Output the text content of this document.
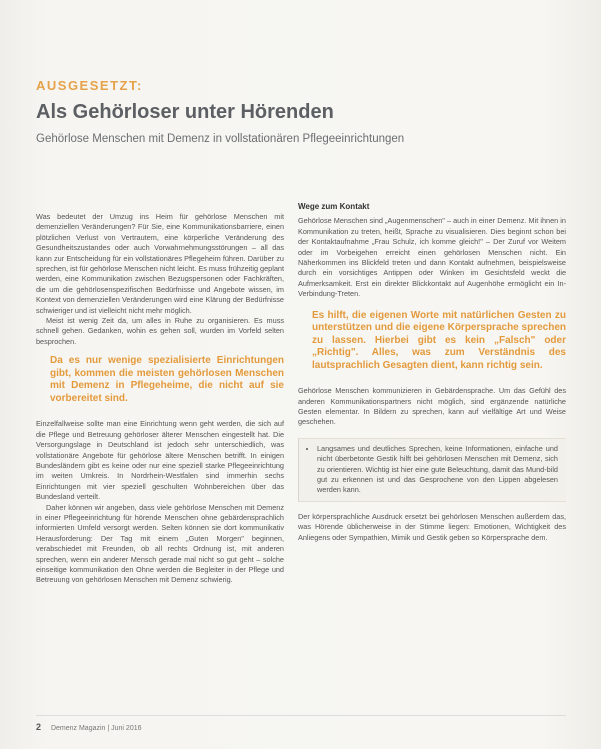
AUSGESETZT:
Als Gehörloser unter Hörenden
Gehörlose Menschen mit Demenz in vollstationären Pflegeeinrichtungen

Was bedeutet der Umzug ins Heim für gehörlose Menschen mit demenziellen Veränderungen? Für Sie, eine Kommunikationsbarriere, einen plötzlichen Verlust von Vertrautem, eine körperliche Veränderung des Gesundheitszustandes oder auch Vorwahrnehmungsstörungen – all das kann zur Entscheidung für ein vollstationäres Pflegeheim führen. Darüber zu sprechen, ist für gehörlose Menschen nicht leicht. Es muss frühzeitig geplant werden, eine Kommunikation zwischen Bezugspersonen oder Fachkräften, die um die gehörlosenspezifischen Bedürfnisse und Angebote wissen, im Kontext von demenziellen Veränderungen wird eine Klärung der Bedürfnisse schwieriger und ist vielleicht nicht mehr möglich.

Meist ist wenig Zeit da, um alles in Ruhe zu organisieren. Es muss schnell gehen. Gedanken, wohin es gehen soll, wurden im Vorfeld selten besprochen.

Da es nur wenige spezialisierte Einrichtungen gibt, kommen die meisten gehörlosen Menschen mit Demenz in Pflegeheime, die nicht auf sie vorbereitet sind.

Einzelfallweise sollte man eine Einrichtung wenn geht werden, die sich auf die Pflege und Betreuung gehörloser älterer Menschen eingestellt hat. Die Versorgungslage in Deutschland ist jedoch sehr unterschiedlich, was vollstationäre Angebote für gehörlose ältere Menschen betrifft. In einigen Bundesländern gibt es keine oder nur eine speziell starke Pflegeeinrichtung im weiten Umkreis. In Nordrhein-Westfalen sind immerhin sechs Einrichtungen mit vier speziell geschulten Wohnbereichen über das Bundesland verteilt.

Daher können wir angeben, dass viele gehörlose Menschen mit Demenz in einer Pflegeeinrichtung für hörende Menschen ohne gebärdensprachlich informierten Umfeld versorgt werden. Selten können sie dort kommunikativ Herausforderung: Der Tag mit einem „Guten Morgen" beginnen, verabschiedet mit Freunden, ob all rechts Ordnung ist, mit anderen sprechen, wenn ein anderer Mensch gerade mal nicht so gut geht – solche einseitige kommunikation den Ohne werden die Begleiter in der Pflege und Betreuung von gehörlosen Menschen mit Demenz schwierig.

Wege zum Kontakt

Gehörlose Menschen sind „Augenmenschen" – auch in einer Demenz. Mit ihnen in Kommunikation zu treten, heißt, Sprache zu visualisieren. Dies beginnt schon bei der Kontaktaufnahme „Frau Schulz, ich komme gleich!" – Der Zuruf vor Weitem oder im Vorbeigehen erreicht einen gehörlosen Menschen nicht. Ein Näherkommen ins Blickfeld treten und dann Kontakt aufnehmen, beispielsweise durch ein vorsichtiges Antippen oder Winken im Gesichtsfeld weckt die Aufmerksamkeit. Erst ein direkter Blickkontakt auf Augenhöhe ermöglicht ein In-Verbindung-Treten.

Es hilft, die eigenen Worte mit natürlichen Gesten zu unterstützen und die eigene Körpersprache sprechen zu lassen. Hierbei gibt es kein „Falsch" oder „Richtig". Alles, was zum Verständnis des lautsprachlich Gesagten dient, kann richtig sein.

Gehörlose Menschen kommunizieren in Gebärdensprache. Um das Gefühl des anderen Kommunikationspartners nicht möglich, sind ergänzende natürliche Gesten elementar. In Bildern zu sprechen, kann auf vielfältige Art und Weise geschehen.

• Langsames und deutliches Sprechen, keine Informationen, einfache und nicht überbetonte Gestik hilft bei gehörlosen Menschen mit Demenz, sich zu orientieren. Wichtig ist hier eine gute Beleuchtung, damit das Mund-bild gut zu erkennen ist und das Gesprochene von den Lippen abgelesen werden kann.

Der körpersprachliche Ausdruck ersetzt bei gehörlosen Menschen außerdem das, was Hörende üblicherweise in der Stimme liegen: Emotionen, Wichtigkeit des Anliegens oder Sympathien, Mimik und Gestik geben so Körpersprache dem.

2 Demenz Magazin | Juni 2016
